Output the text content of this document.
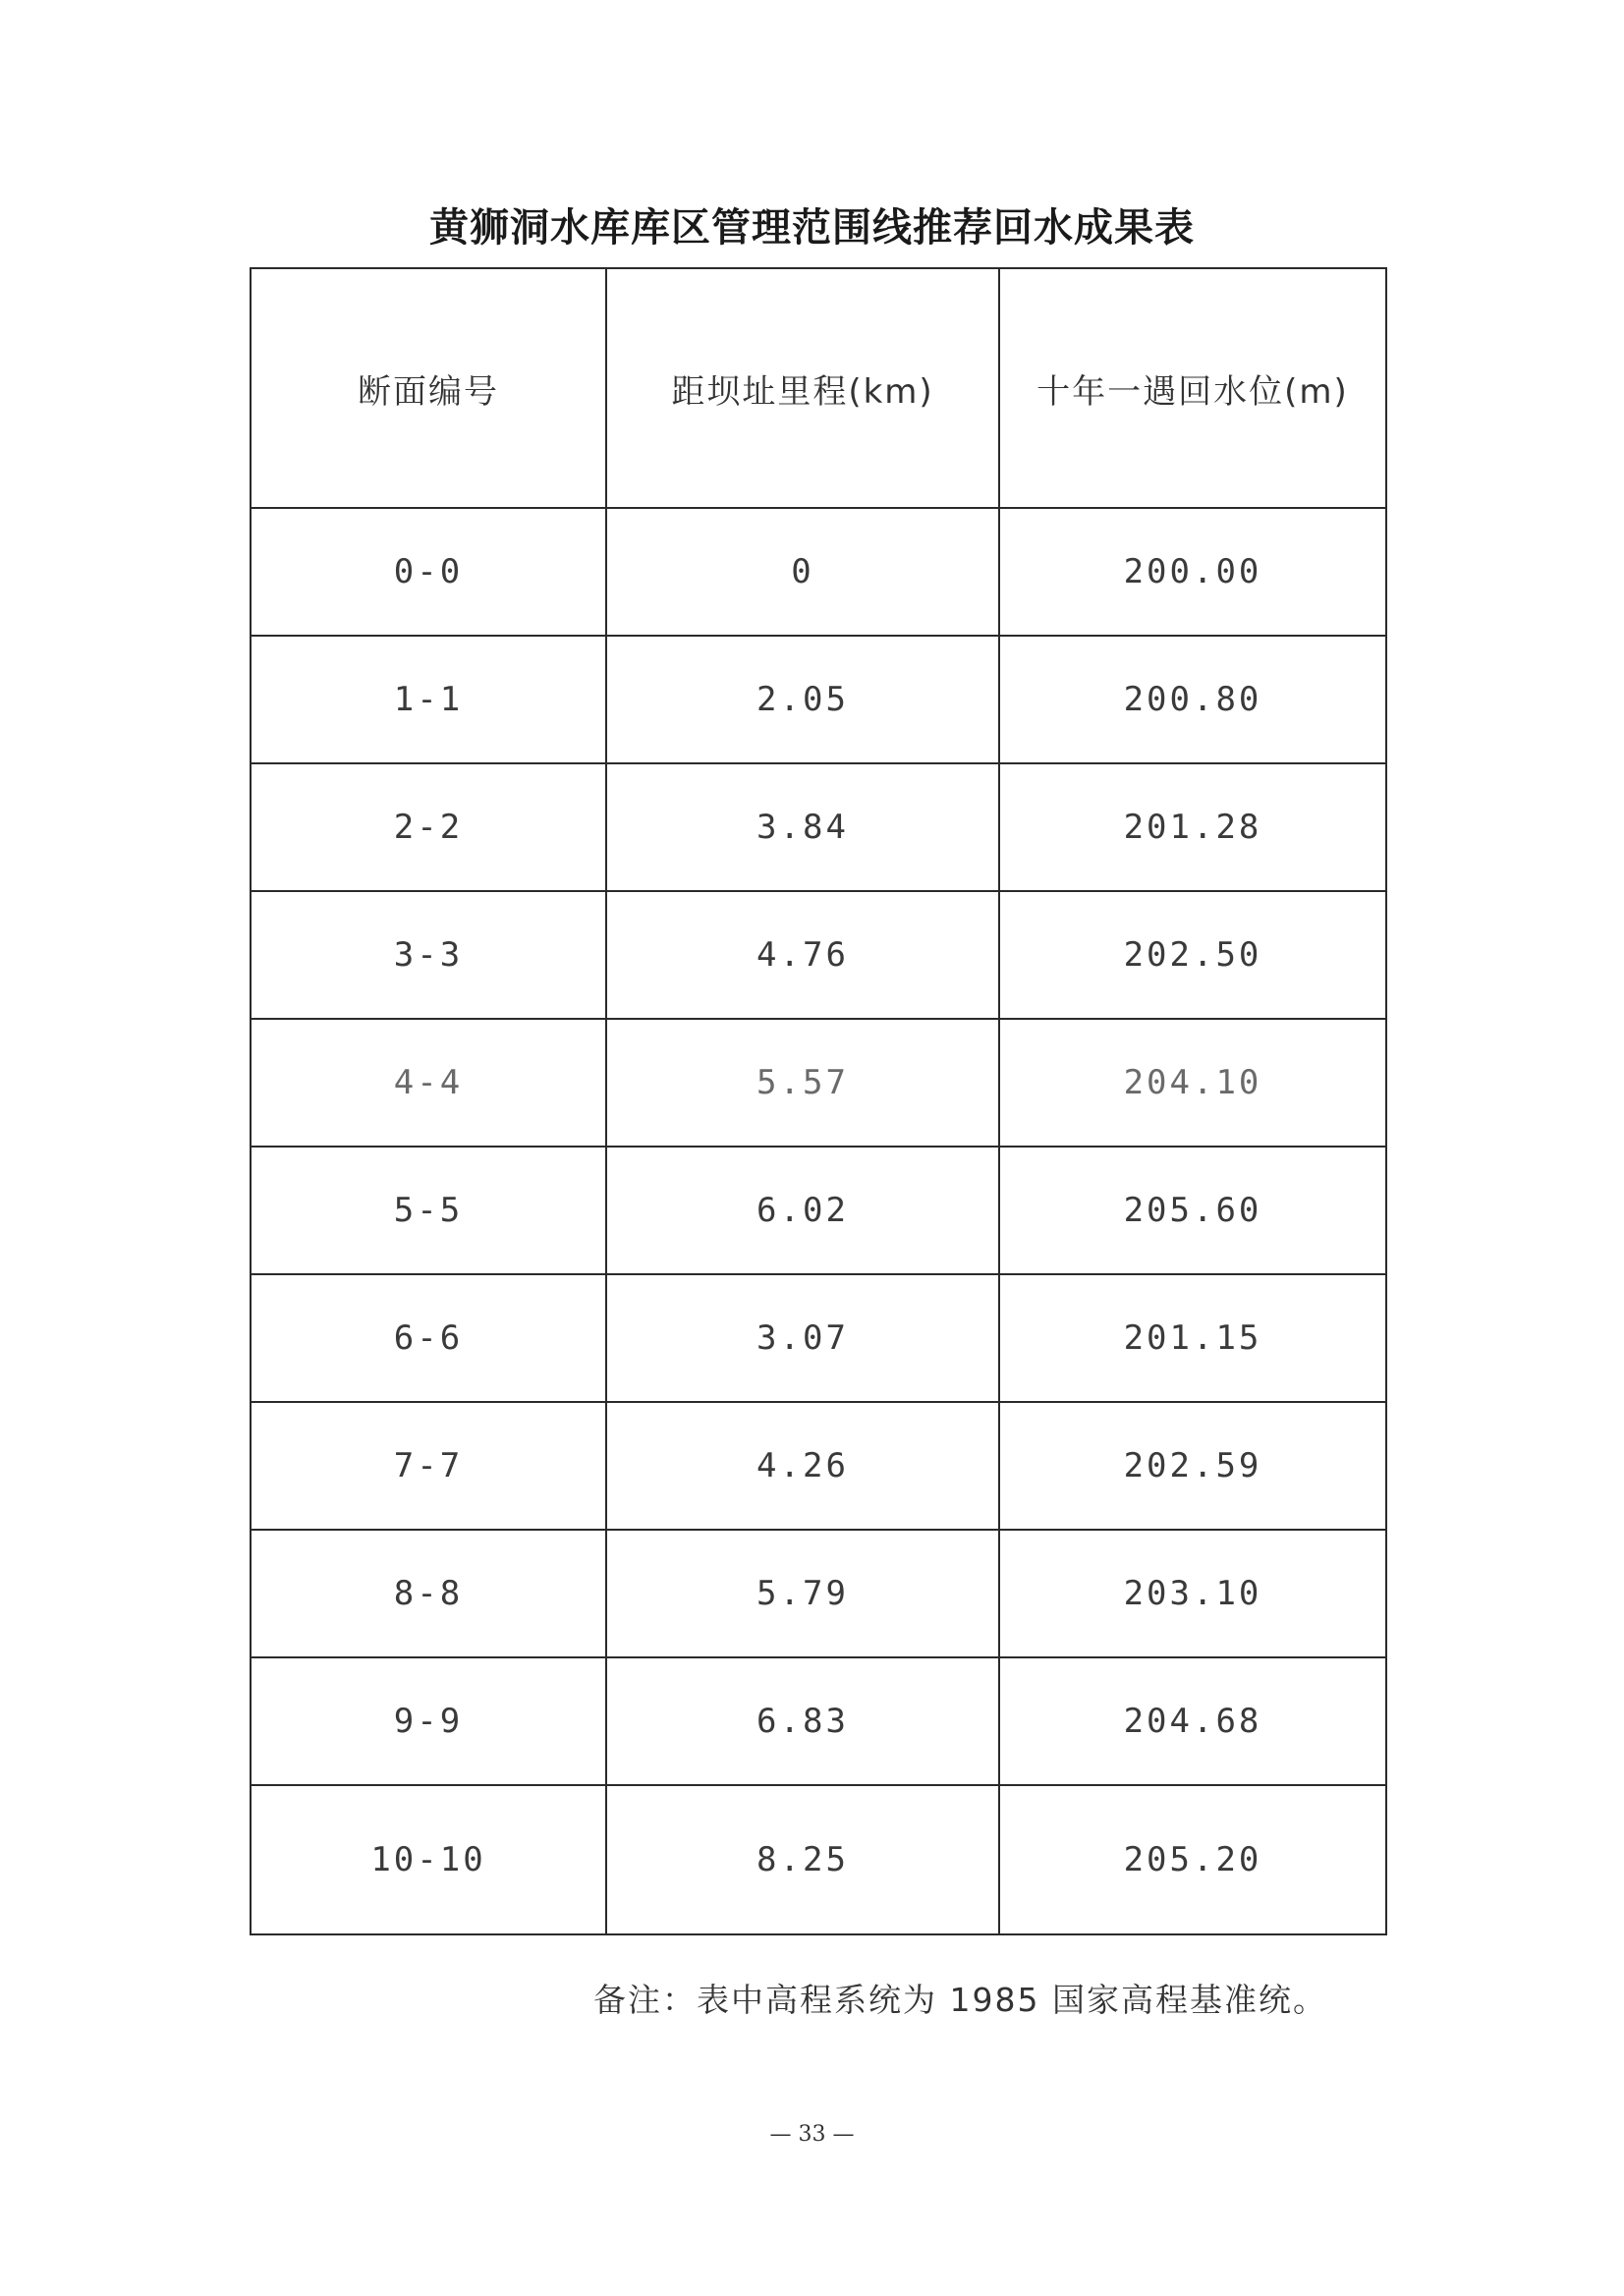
黄狮洞水库库区管理范围线推荐回水成果表
断面编号	距坝址里程(km)	十年一遇回水位(m)
0-0	0	200.00
1-1	2.05	200.80
2-2	3.84	201.28
3-3	4.76	202.50
4-4	5.57	204.10
5-5	6.02	205.60
6-6	3.07	201.15
7-7	4.26	202.59
8-8	5.79	203.10
9-9	6.83	204.68
10-10	8.25	205.20
备注：表中高程系统为 1985 国家高程基准统。
— 33 —
